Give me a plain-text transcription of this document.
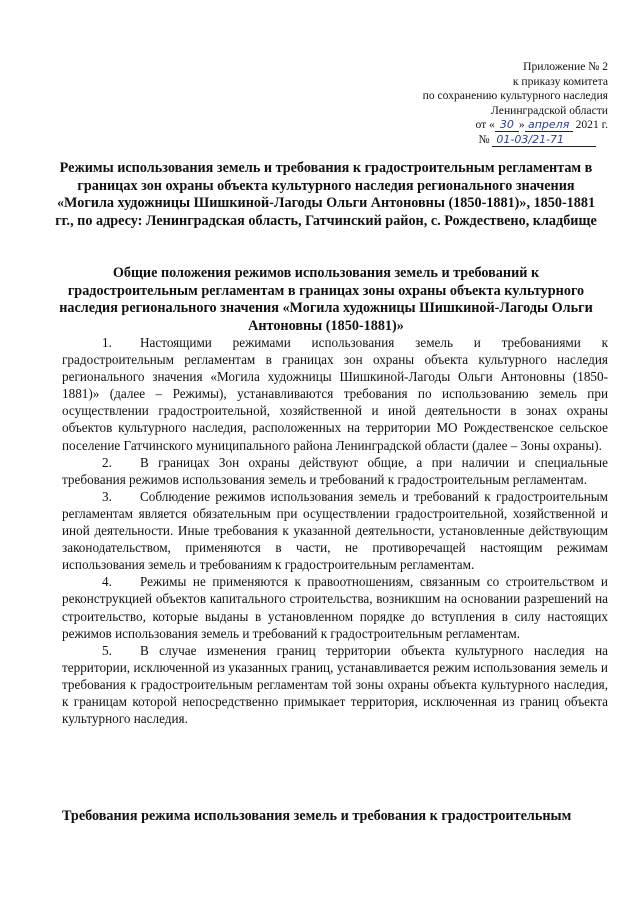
Приложение № 2
к приказу комитета
по сохранению культурного наследия
Ленинградской области
от « 30 » апреля 2021 г.
№ 01-03/21-71
Режимы использования земель и требования к градостроительным регламентам в границах зон охраны объекта культурного наследия регионального значения «Могила художницы Шишкиной-Лагоды Ольги Антоновны (1850-1881)», 1850-1881 гг., по адресу: Ленинградская область, Гатчинский район, с. Рождествено, кладбище
Общие положения режимов использования земель и требований к градостроительным регламентам в границах зоны охраны объекта культурного наследия регионального значения «Могилa художницы Шишкиной-Лагоды Ольги Антоновны (1850-1881)»

1. Настоящими режимами использования земель и требованиями к градостроительным регламентам в границах зон охраны объекта культурного наследия регионального значения «Могила художницы Шишкиной-Лагоды Ольги Антоновны (1850-1881)» (далее – Режимы), устанавливаются требования по использованию земель при осуществлении градостроительной, хозяйственной и иной деятельности в зонах охраны объектов культурного наследия, расположенных на территории МО Рождественское сельское поселение Гатчинского муниципального района Ленинградской области (далее – Зоны охраны).

2. В границах Зон охраны действуют общие, а при наличии и специальные требования режимов использования земель и требований к градостроительным регламентам.

3. Соблюдение режимов использования земель и требований к градостроительным регламентам является обязательным при осуществлении градостроительной, хозяйственной и иной деятельности. Иные требования к указанной деятельности, установленные действующим законодательством, применяются в части, не противоречащей настоящим режимам использования земель и требованиям к градостроительным регламентам.

4. Режимы не применяются к правоотношениям, связанным со строительством и реконструкцией объектов капитального строительства, возникшим на основании разрешений на строительство, которые выданы в установленном порядке до вступления в силу настоящих режимов использования земель и требований к градостроительным регламентам.

5. В случае изменения границ территории объекта культурного наследия на территории, исключенной из указанных границ, устанавливается режим использования земель и требования к градостроительным регламентам той зоны охраны объекта культурного наследия, к границам которой непосредственно примыкает территория, исключенная из границ объекта культурного наследия.

Требования режима использования земель и требования к градостроительным
